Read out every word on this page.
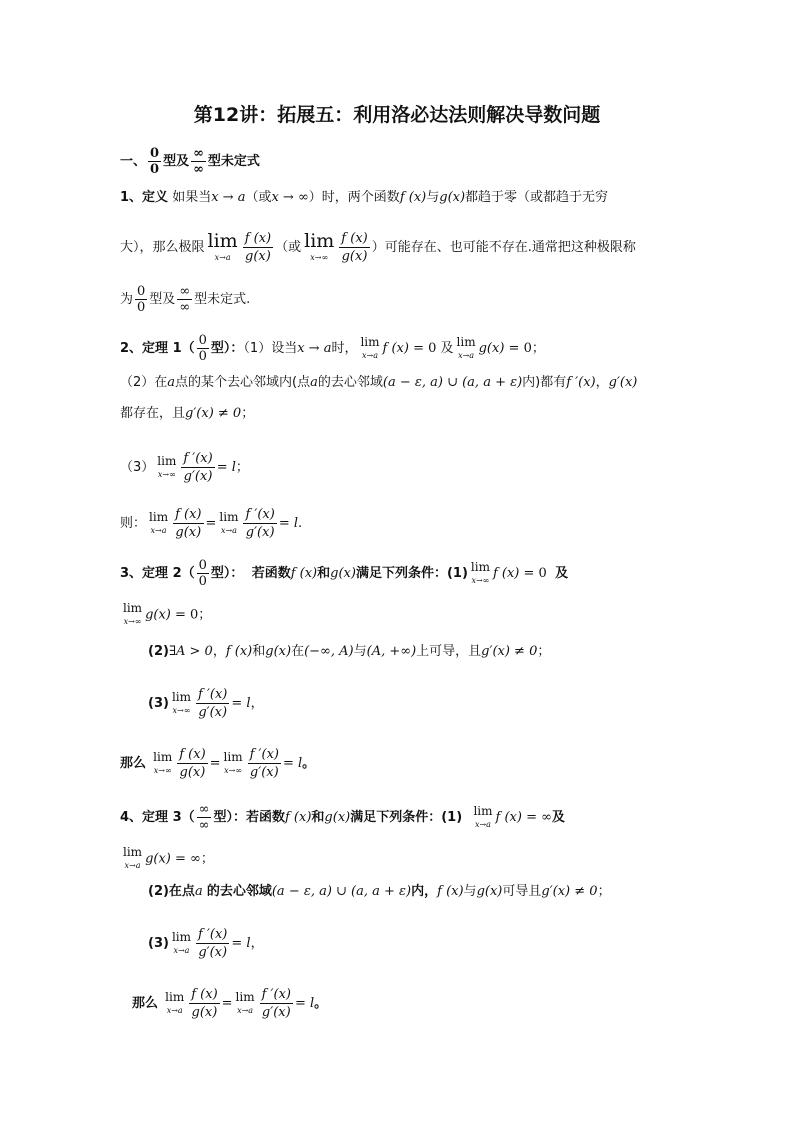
第12讲：拓展五：利用洛必达法则解决导数问题
一、 $\frac{0}{0}$ 型及 $\frac{\infty}{\infty}$ 型未定式
1、定义 如果当x → a（或x → ∞）时，两个函数f (x)与g(x)都趋于零（或都趋于无穷
大），那么极限 lim
$x\to a \frac{f (x)}{g(x)}$ （或 lim
$x\to\infty \frac{f (x)}{g(x)}$ ）可能存在、也可能不存在.通常把这种极限称
为 $\frac{0}{0}$ 型及 $\frac{\infty}{\infty}$ 型未定式.
2、定理 $1( \frac{0}{0}$ 型）：（1）设当x → a时， lim
x→a f (x) = 0 及 lim
x→a g(x) = 0；
（2）在a点的某个去心邻域内(点a的去心邻域(a − ε, a) ∪ (a, a + ε)内)都有f ′(x)，g′(x)
都存在，且g′(x) ≠ 0；
（3） lim
$x\to\infty \frac{f '(x)}{g'(x)} = l$；
则： lim
$x\to a \frac{f (x)}{g(x)} = \lim$
$x\to a \frac{f '(x)}{g'(x)} = l$.
3、定理 $2( \frac{0}{0}$ 型）： 若函数f (x)和g(x)满足下列条件：(1) lim
x→∞ f (x) = 0 及
lim
x→∞ g(x) = 0；
(2)∃A > 0，f (x)和g(x)在(−∞, A)与(A, +∞)上可导，且g′(x) ≠ 0；
(3) lim
$x\to\infty \frac{f '(x)}{g'(x)} = l$，
那么 lim
$x\to\infty \frac{f (x)}{g(x)} = \lim$
$x\to\infty \frac{f '(x)}{g'(x)} = l$。
4、定理 $3( \frac{\infty}{\infty}$ 型）：若函数f (x)和g(x)满足下列条件：(1) lim
x→a f (x) = ∞及
lim
x→a g(x) = ∞；
(2)在点a 的去心邻域(a − ε, a) ∪ (a, a + ε)内，f (x)与g(x)可导且g′(x) ≠ 0；
(3) lim
$x\to a \frac{f '(x)}{g'(x)} = l$，
那么 lim
$x\to a \frac{f (x)}{g(x)} = \lim$
$x\to a \frac{f '(x)}{g'(x)} = l$。
